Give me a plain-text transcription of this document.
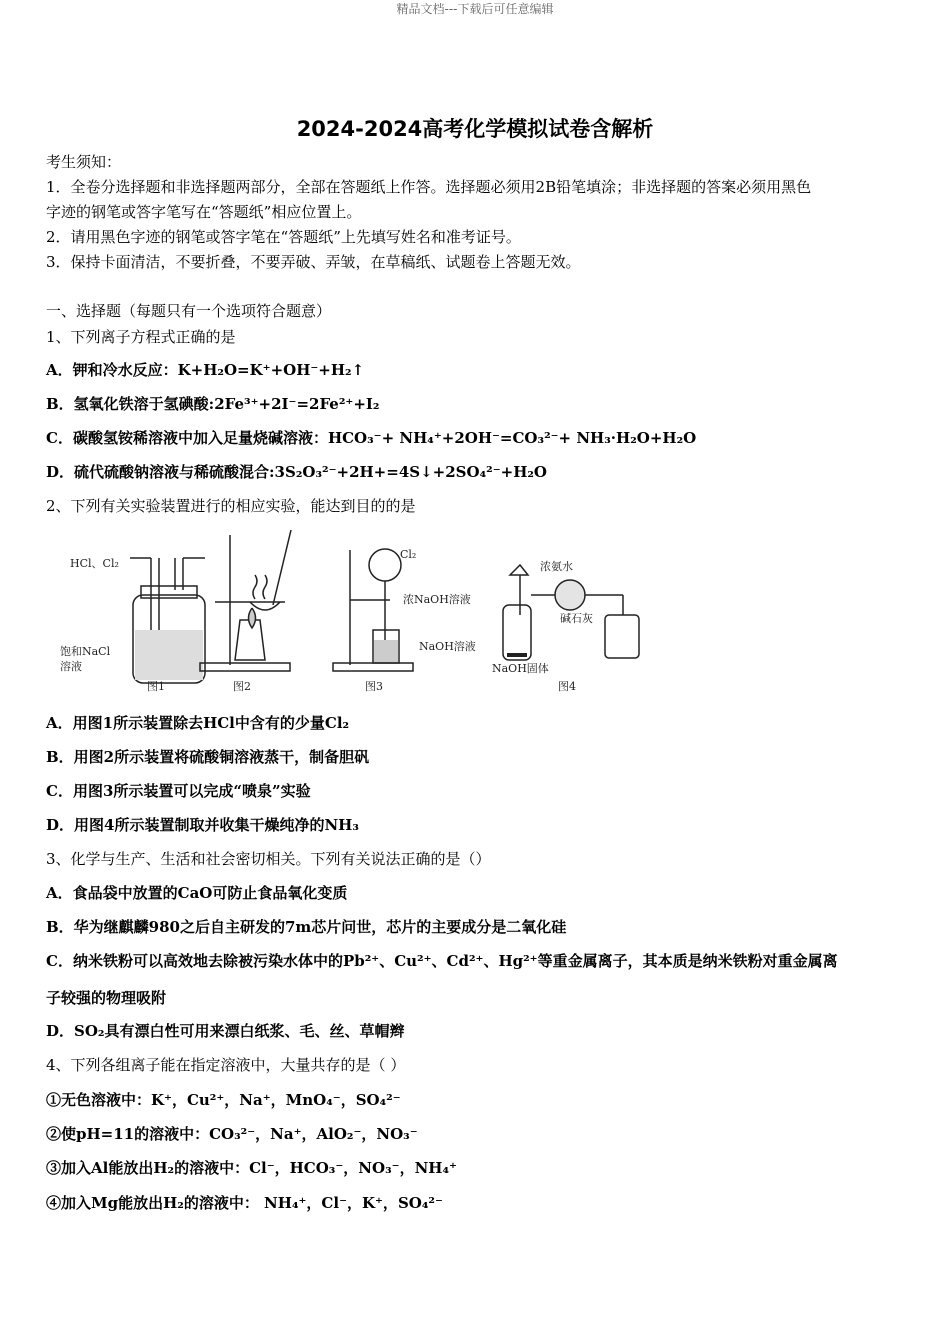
精品文档---下载后可任意编辑
2024-2024高考化学模拟试卷含解析
考生须知：
1．全卷分选择题和非选择题两部分，全部在答题纸上作答。选择题必须用2B铅笔填涂；非选择题的答案必须用黑色
字迹的钢笔或答字笔写在“答题纸”相应位置上。
2．请用黑色字迹的钢笔或答字笔在“答题纸”上先填写姓名和准考证号。
3．保持卡面清洁，不要折叠，不要弄破、弄皱，在草稿纸、试题卷上答题无效。
一、选择题（每题只有一个选项符合题意）
1、下列离子方程式正确的是
A．钾和冷水反应：K+H₂O=K⁺+OH⁻+H₂↑
B．氢氧化铁溶于氢碘酸:2Fe³⁺+2I⁻=2Fe²⁺+I₂
C．碳酸氢铵稀溶液中加入足量烧碱溶液：HCO₃⁻+ NH₄⁺+2OH⁻=CO₃²⁻+ NH₃·H₂O+H₂O
D．硫代硫酸钠溶液与稀硫酸混合:3S₂O₃²⁻+2H+=4S↓+2SO₄²⁻+H₂O
2、下列有关实验装置进行的相应实验，能达到目的的是
HCl、Cl₂
饱和NaCl
溶液
图1	图2
Cl₂
浓NaOH溶液
NaOH溶液
图3
浓氨水
碱石灰
NaOH固体
图4
A．用图1所示装置除去HCl中含有的少量Cl₂
B．用图2所示装置将硫酸铜溶液蒸干，制备胆矾
C．用图3所示装置可以完成“喷泉”实验
D．用图4所示装置制取并收集干燥纯净的NH₃
3、化学与生产、生活和社会密切相关。下列有关说法正确的是（）
A．食品袋中放置的CaO可防止食品氧化变质
B．华为继麒麟980之后自主研发的7m芯片问世，芯片的主要成分是二氧化硅
C．纳米铁粉可以高效地去除被污染水体中的Pb²⁺、Cu²⁺、Cd²⁺、Hg²⁺等重金属离子，其本质是纳米铁粉对重金属离
子较强的物理吸附
D．SO₂具有漂白性可用来漂白纸浆、毛、丝、草帽辫
4、下列各组离子能在指定溶液中，大量共存的是（ ）
①无色溶液中：K⁺，Cu²⁺，Na⁺，MnO₄⁻，SO₄²⁻
②使pH=11的溶液中：CO₃²⁻，Na⁺，AlO₂⁻，NO₃⁻
③加入Al能放出H₂的溶液中：Cl⁻，HCO₃⁻，NO₃⁻，NH₄⁺
④加入Mg能放出H₂的溶液中： NH₄⁺，Cl⁻，K⁺，SO₄²⁻
